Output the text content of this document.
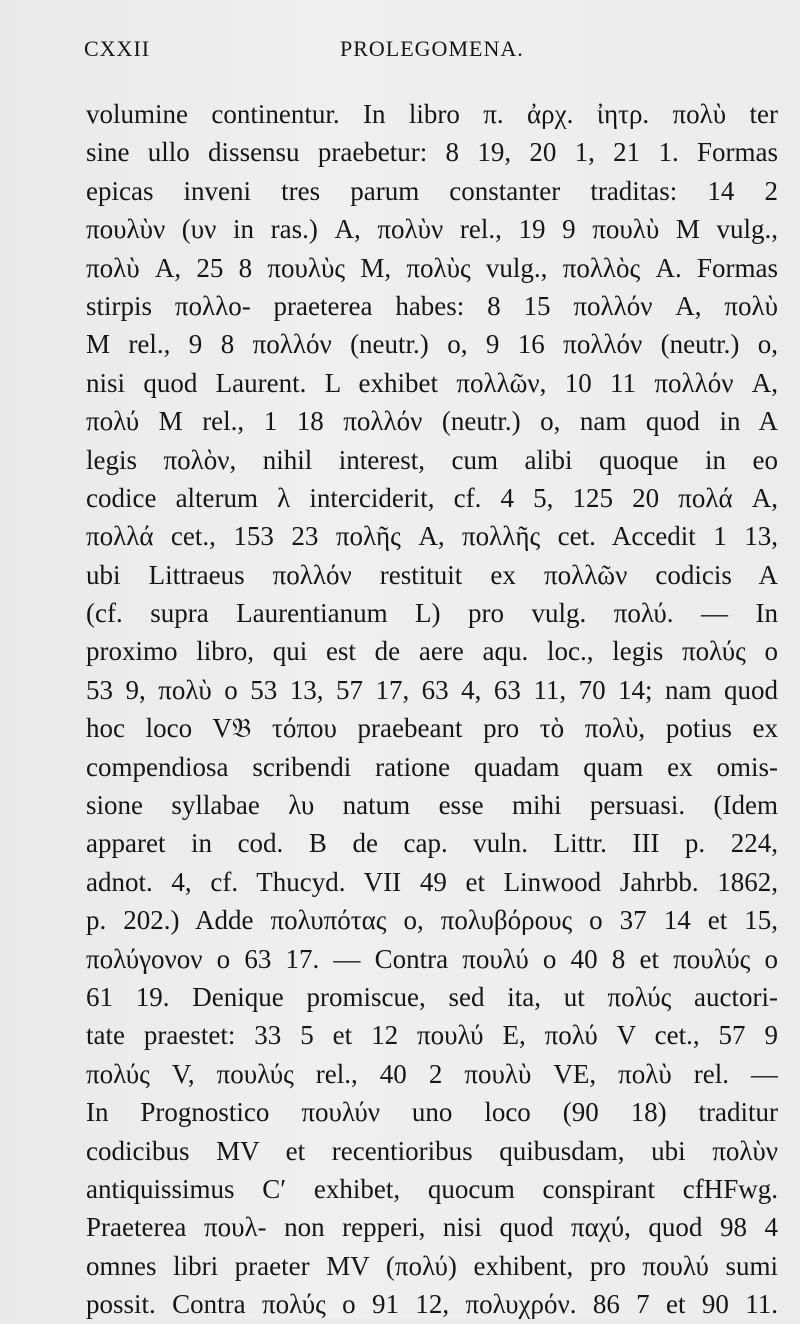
CXXII	PROLEGOMENA.
volumine continentur. In libro π. ἀρχ. ἰητρ. πολὺ ter
sine ullo dissensu praebetur: 8 19, 20 1, 21 1. Formas
epicas inveni tres parum constanter traditas: 14 2
πουλὺν (υν in ras.) A, πολὺν rel., 19 9 πουλὺ M vulg.,
πολὺ A, 25 8 πουλὺς M, πολὺς vulg., πολλὸς A. Formas
stirpis πολλο- praeterea habes: 8 15 πολλόν A, πολὺ
M rel., 9 8 πολλόν (neutr.) o, 9 16 πολλόν (neutr.) o,
nisi quod Laurent. L exhibet πολλῶν, 10 11 πολλόν A,
πολύ M rel., 1 18 πολλόν (neutr.) o, nam quod in A
legis πολὸν, nihil interest, cum alibi quoque in eo
codice alterum λ interciderit, cf. 4 5, 125 20 πολά A,
πολλά cet., 153 23 πολῆς A, πολλῆς cet. Accedit 1 13,
ubi Littraeus πολλόν restituit ex πολλῶν codicis A
(cf. supra Laurentianum L) pro vulg. πολύ. — In
proximo libro, qui est de aere aqu. loc., legis πολύς o
53 9, πολὺ o 53 13, 57 17, 63 4, 63 11, 70 14; nam quod
hoc loco V𝔅 τόπου praebeant pro τὸ πολὺ, potius ex
compendiosa scribendi ratione quadam quam ex omis-
sione syllabae λυ natum esse mihi persuasi. (Idem
apparet in cod. B de cap. vuln. Littr. III p. 224,
adnot. 4, cf. Thucyd. VII 49 et Linwood Jahrbb. 1862,
p. 202.) Adde πολυπότας o, πολυβόρους o 37 14 et 15,
πολύγονον o 63 17. — Contra πουλύ o 40 8 et πουλύς o
61 19. Denique promiscue, sed ita, ut πολύς auctori-
tate praestet: 33 5 et 12 πουλύ E, πολύ V cet., 57 9
πολύς V, πουλύς rel., 40 2 πουλὺ VE, πολὺ rel. —
In Prognostico πουλύν uno loco (90 18) traditur
codicibus MV et recentioribus quibusdam, ubi πολὺν
antiquissimus C′ exhibet, quocum conspirant cfHFwg.
Praeterea πουλ- non repperi, nisi quod παχύ, quod 98 4
omnes libri praeter MV (πολύ) exhibent, pro πουλύ sumi
possit. Contra πολύς o 91 12, πολυχρόν. 86 7 et 90 11.
